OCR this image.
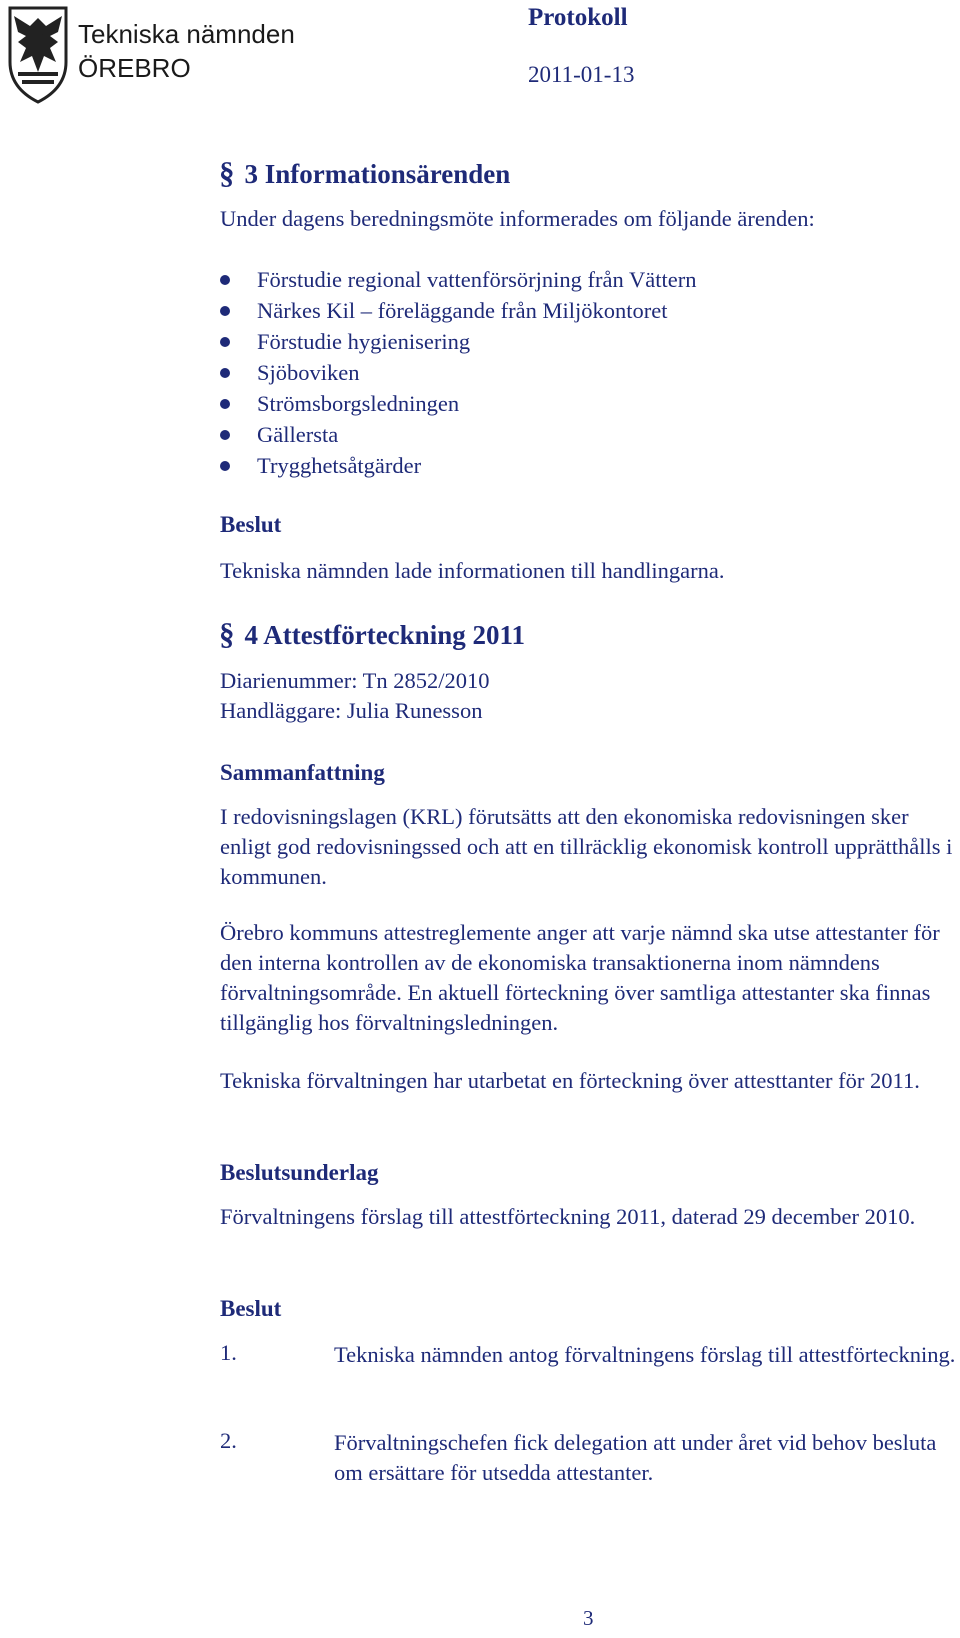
Tekniska nämnden
ÖREBRO
Protokoll
2011-01-13
§ 3 Informationsärenden
Under dagens beredningsmöte informerades om följande ärenden:
Förstudie regional vattenförsörjning från Vättern
Närkes Kil – föreläggande från Miljökontoret
Förstudie hygienisering
Sjöboviken
Strömsborgsledningen
Gällersta
Trygghetsåtgärder
Beslut
Tekniska nämnden lade informationen till handlingarna.
§ 4 Attestförteckning 2011
Diarienummer: Tn 2852/2010
Handläggare: Julia Runesson
Sammanfattning
I redovisningslagen (KRL) förutsätts att den ekonomiska redovisningen sker enligt god redovisningssed och att en tillräcklig ekonomisk kontroll upprätthålls i kommunen.
Örebro kommuns attestreglemente anger att varje nämnd ska utse attestanter för den interna kontrollen av de ekonomiska transaktionerna inom nämndens förvaltningsområde. En aktuell förteckning över samtliga attestanter ska finnas tillgänglig hos förvaltningsledningen.
Tekniska förvaltningen har utarbetat en förteckning över attesttanter för 2011.
Beslutsunderlag
Förvaltningens förslag till attestförteckning 2011, daterad 29 december 2010.
Beslut
1.	Tekniska nämnden antog förvaltningens förslag till attestförteckning.
2.	Förvaltningschefen fick delegation att under året vid behov besluta om ersättare för utsedda attestanter.
3
